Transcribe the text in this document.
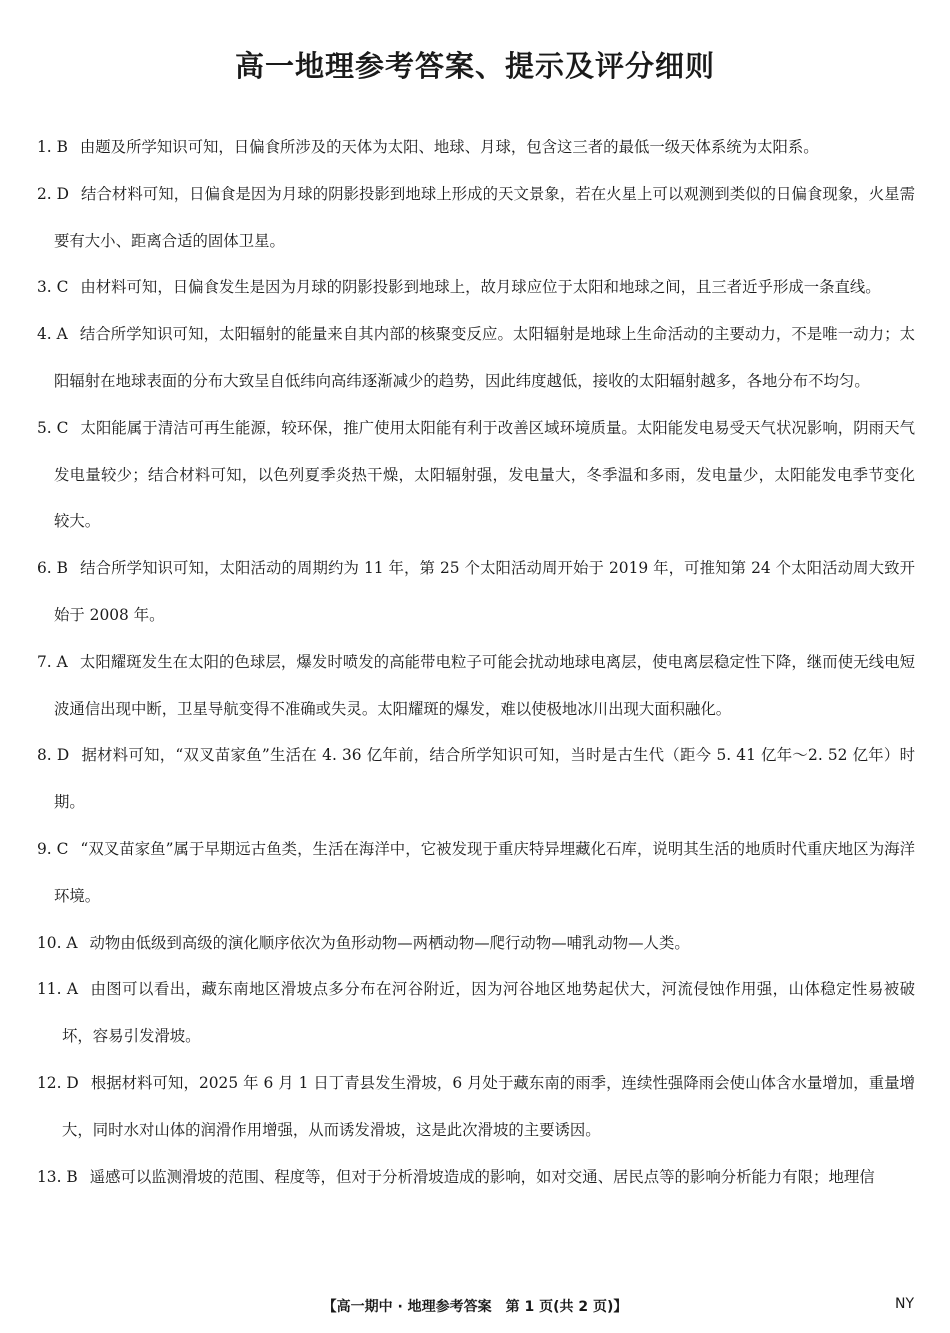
高一地理参考答案、提示及评分细则

1. B 由题及所学知识可知，日偏食所涉及的天体为太阳、地球、月球，包含这三者的最低一级天体系统为太阳系。

2. D 结合材料可知，日偏食是因为月球的阴影投影到地球上形成的天文景象，若在火星上可以观测到类似的日偏食现象，火星需要有大小、距离合适的固体卫星。

3. C 由材料可知，日偏食发生是因为月球的阴影投影到地球上，故月球应位于太阳和地球之间，且三者近乎形成一条直线。

4. A 结合所学知识可知，太阳辐射的能量来自其内部的核聚变反应。太阳辐射是地球上生命活动的主要动力，不是唯一动力；太阳辐射在地球表面的分布大致呈自低纬向高纬逐渐减少的趋势，因此纬度越低，接收的太阳辐射越多，各地分布不均匀。

5. C 太阳能属于清洁可再生能源，较环保，推广使用太阳能有利于改善区域环境质量。太阳能发电易受天气状况影响，阴雨天气发电量较少；结合材料可知，以色列夏季炎热干燥，太阳辐射强，发电量大，冬季温和多雨，发电量少，太阳能发电季节变化较大。

6. B 结合所学知识可知，太阳活动的周期约为 11 年，第 25 个太阳活动周开始于 2019 年，可推知第 24 个太阳活动周大致开始于 2008 年。

7. A 太阳耀斑发生在太阳的色球层，爆发时喷发的高能带电粒子可能会扰动地球电离层，使电离层稳定性下降，继而使无线电短波通信出现中断，卫星导航变得不准确或失灵。太阳耀斑的爆发，难以使极地冰川出现大面积融化。

8. D 据材料可知，“双叉苗家鱼”生活在 4. 36 亿年前，结合所学知识可知，当时是古生代（距今 5. 41 亿年～2. 52 亿年）时期。

9. C “双叉苗家鱼”属于早期远古鱼类，生活在海洋中，它被发现于重庆特异埋藏化石库，说明其生活的地质时代重庆地区为海洋环境。

10. A 动物由低级到高级的演化顺序依次为鱼形动物—两栖动物—爬行动物—哺乳动物—人类。

11. A 由图可以看出，藏东南地区滑坡点多分布在河谷附近，因为河谷地区地势起伏大，河流侵蚀作用强，山体稳定性易被破坏，容易引发滑坡。

12. D 根据材料可知，2025 年 6 月 1 日丁青县发生滑坡，6 月处于藏东南的雨季，连续性强降雨会使山体含水量增加，重量增大，同时水对山体的润滑作用增强，从而诱发滑坡，这是此次滑坡的主要诱因。

13. B 遥感可以监测滑坡的范围、程度等，但对于分析滑坡造成的影响，如对交通、居民点等的影响分析能力有限；地理信

【高一期中 · 地理参考答案　第 1 页(共 2 页)】	NY
